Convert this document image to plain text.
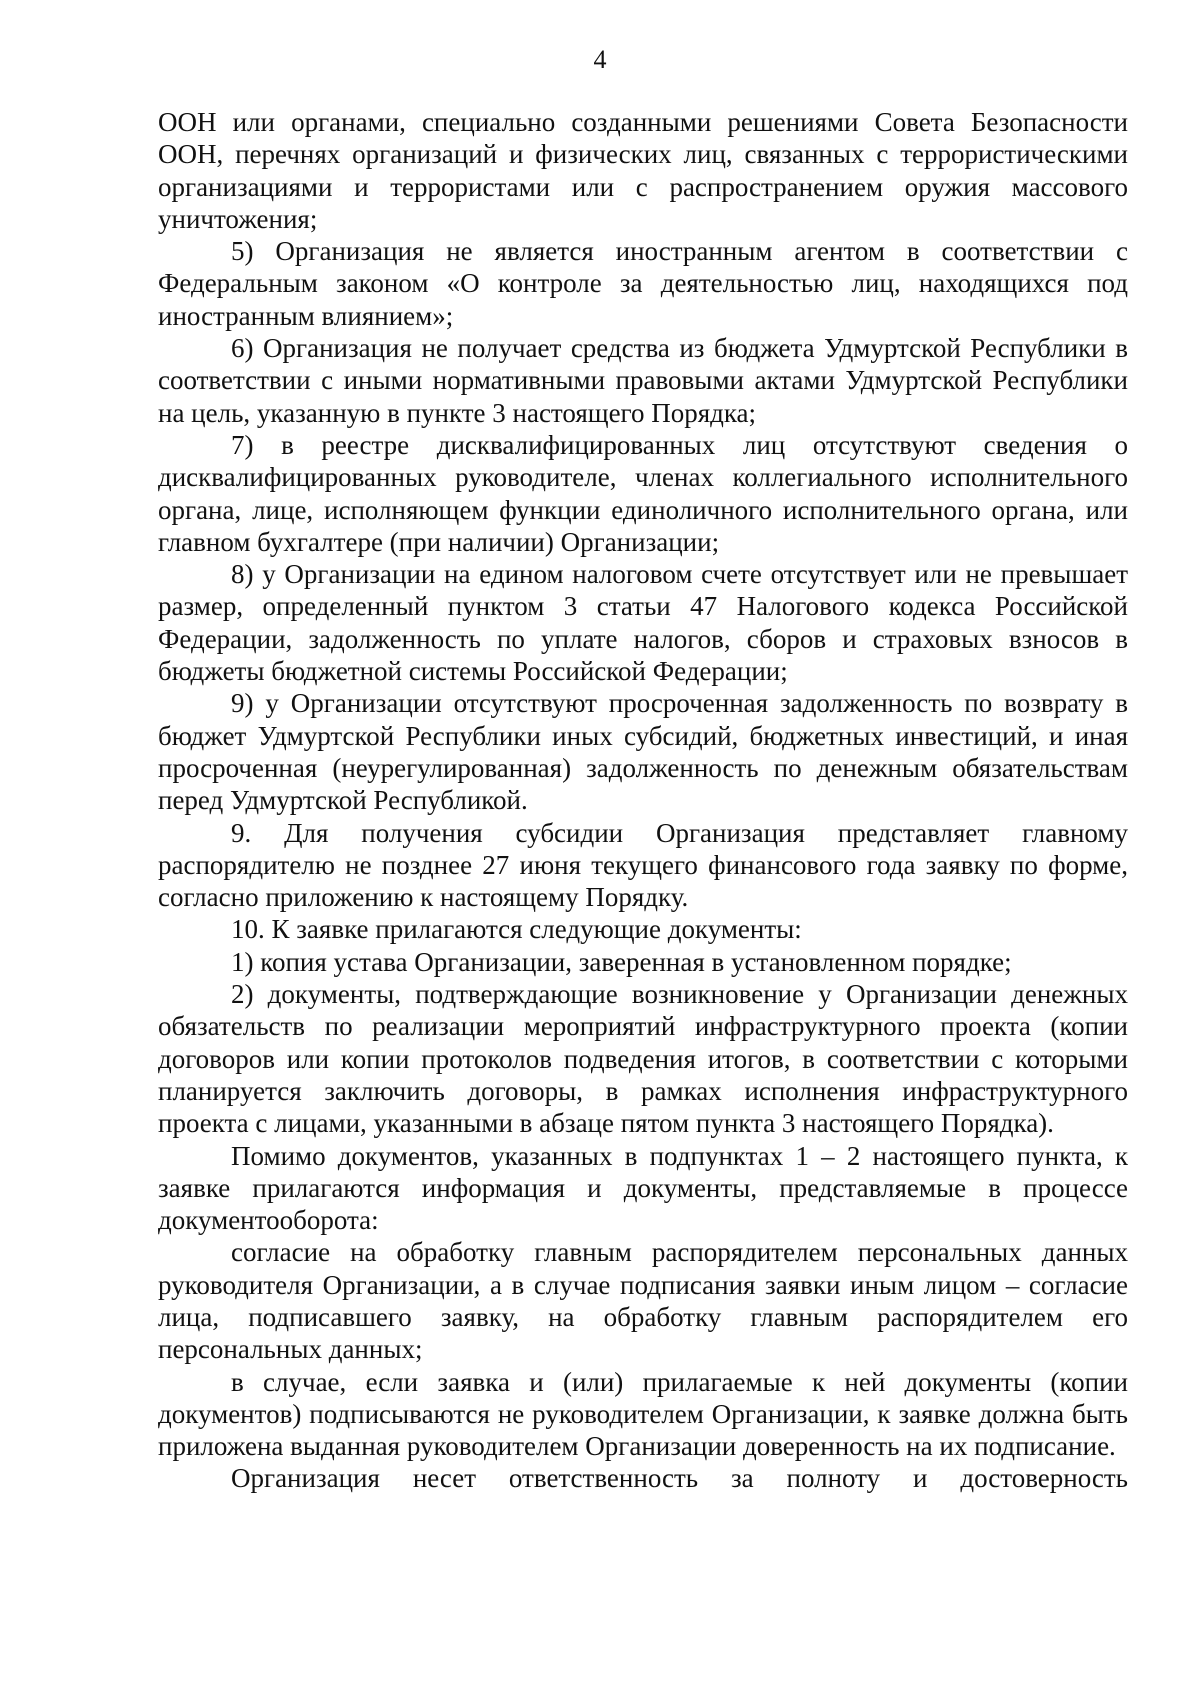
4

ООН или органами, специально созданными решениями Совета Безопасности ООН, перечнях организаций и физических лиц, связанных с террористическими организациями и террористами или с распространением оружия массового уничтожения;

5) Организация не является иностранным агентом в соответствии с Федеральным законом «О контроле за деятельностью лиц, находящихся под иностранным влиянием»;

6) Организация не получает средства из бюджета Удмуртской Республики в соответствии с иными нормативными правовыми актами Удмуртской Республики на цель, указанную в пункте 3 настоящего Порядка;

7) в реестре дисквалифицированных лиц отсутствуют сведения о дисквалифицированных руководителе, членах коллегиального исполнительного органа, лице, исполняющем функции единоличного исполнительного органа, или главном бухгалтере (при наличии) Организации;

8) у Организации на едином налоговом счете отсутствует или не превышает размер, определенный пунктом 3 статьи 47 Налогового кодекса Российской Федерации, задолженность по уплате налогов, сборов и страховых взносов в бюджеты бюджетной системы Российской Федерации;

9) у Организации отсутствуют просроченная задолженность по возврату в бюджет Удмуртской Республики иных субсидий, бюджетных инвестиций, и иная просроченная (неурегулированная) задолженность по денежным обязательствам перед Удмуртской Республикой.

9. Для получения субсидии Организация представляет главному распорядителю не позднее 27 июня текущего финансового года заявку по форме, согласно приложению к настоящему Порядку.

10. К заявке прилагаются следующие документы:

1) копия устава Организации, заверенная в установленном порядке;

2) документы, подтверждающие возникновение у Организации денежных обязательств по реализации мероприятий инфраструктурного проекта (копии договоров или копии протоколов подведения итогов, в соответствии с которыми планируется заключить договоры, в рамках исполнения инфраструктурного проекта с лицами, указанными в абзаце пятом пункта 3 настоящего Порядка).

Помимо документов, указанных в подпунктах 1 – 2 настоящего пункта, к заявке прилагаются информация и документы, представляемые в процессе документооборота:

согласие на обработку главным распорядителем персональных данных руководителя Организации, а в случае подписания заявки иным лицом – согласие лица, подписавшего заявку, на обработку главным распорядителем его персональных данных;

в случае, если заявка и (или) прилагаемые к ней документы (копии документов) подписываются не руководителем Организации, к заявке должна быть приложена выданная руководителем Организации доверенность на их подписание.

Организация несет ответственность за полноту и достоверность
